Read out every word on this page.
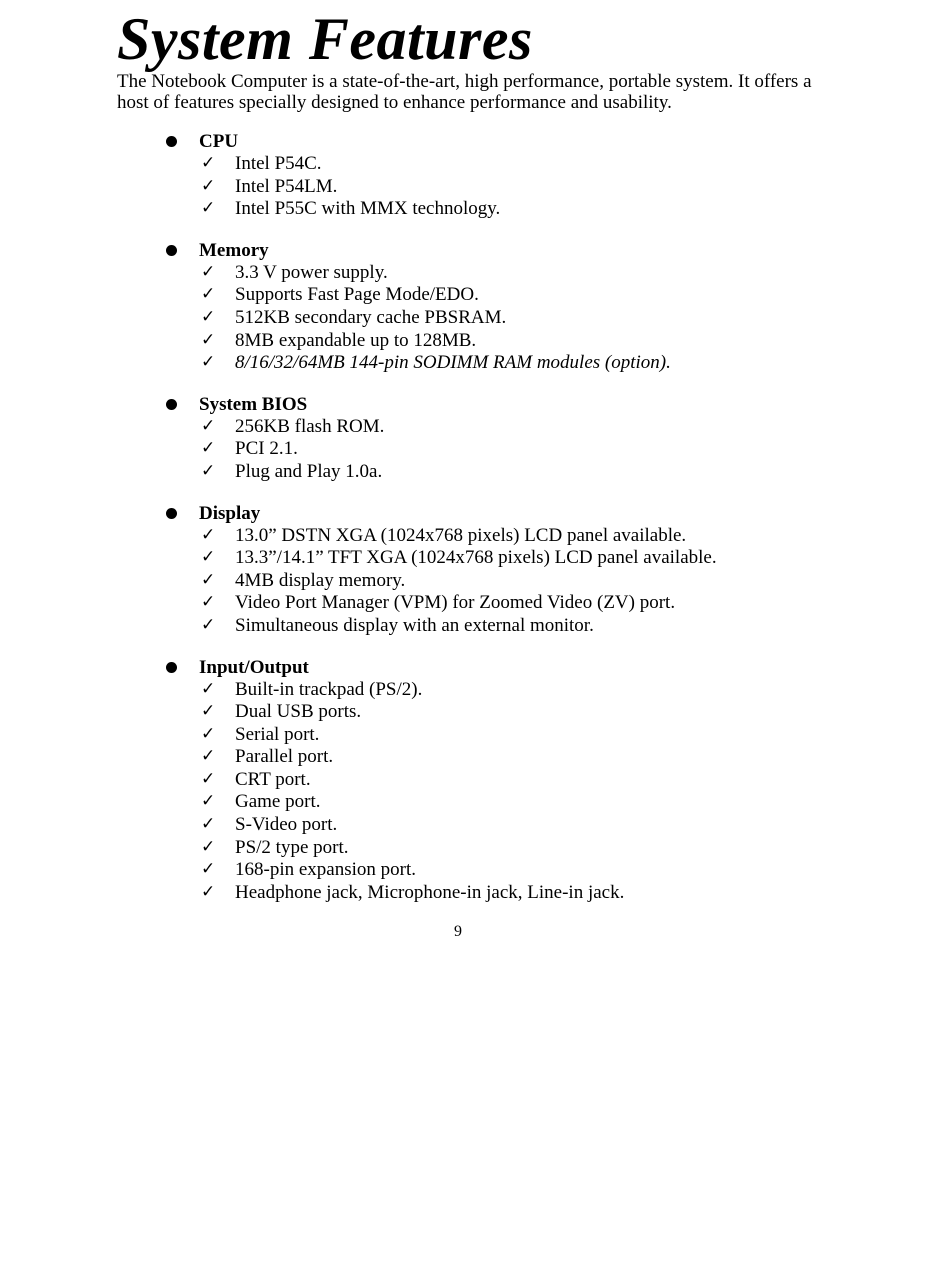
System Features

The Notebook Computer is a state-of-the-art, high performance, portable system. It offers a host of features specially designed to enhance performance and usability.

CPU
✓ Intel P54C.
✓ Intel P54LM.
✓ Intel P55C with MMX technology.
Memory
✓ 3.3 V power supply.
✓ Supports Fast Page Mode/EDO.
✓ 512KB secondary cache PBSRAM.
✓ 8MB expandable up to 128MB.
✓ 8/16/32/64MB 144-pin SODIMM RAM modules (option).
System BIOS
✓ 256KB flash ROM.
✓ PCI 2.1.
✓ Plug and Play 1.0a.
Display
✓ 13.0” DSTN XGA (1024x768 pixels) LCD panel available.
✓ 13.3”/14.1” TFT XGA (1024x768 pixels) LCD panel available.
✓ 4MB display memory.
✓ Video Port Manager (VPM) for Zoomed Video (ZV) port.
✓ Simultaneous display with an external monitor.
Input/Output
✓ Built-in trackpad (PS/2).
✓ Dual USB ports.
✓ Serial port.
✓ Parallel port.
✓ CRT port.
✓ Game port.
✓ S-Video port.
✓ PS/2 type port.
✓ 168-pin expansion port.
✓ Headphone jack, Microphone-in jack, Line-in jack.
9
